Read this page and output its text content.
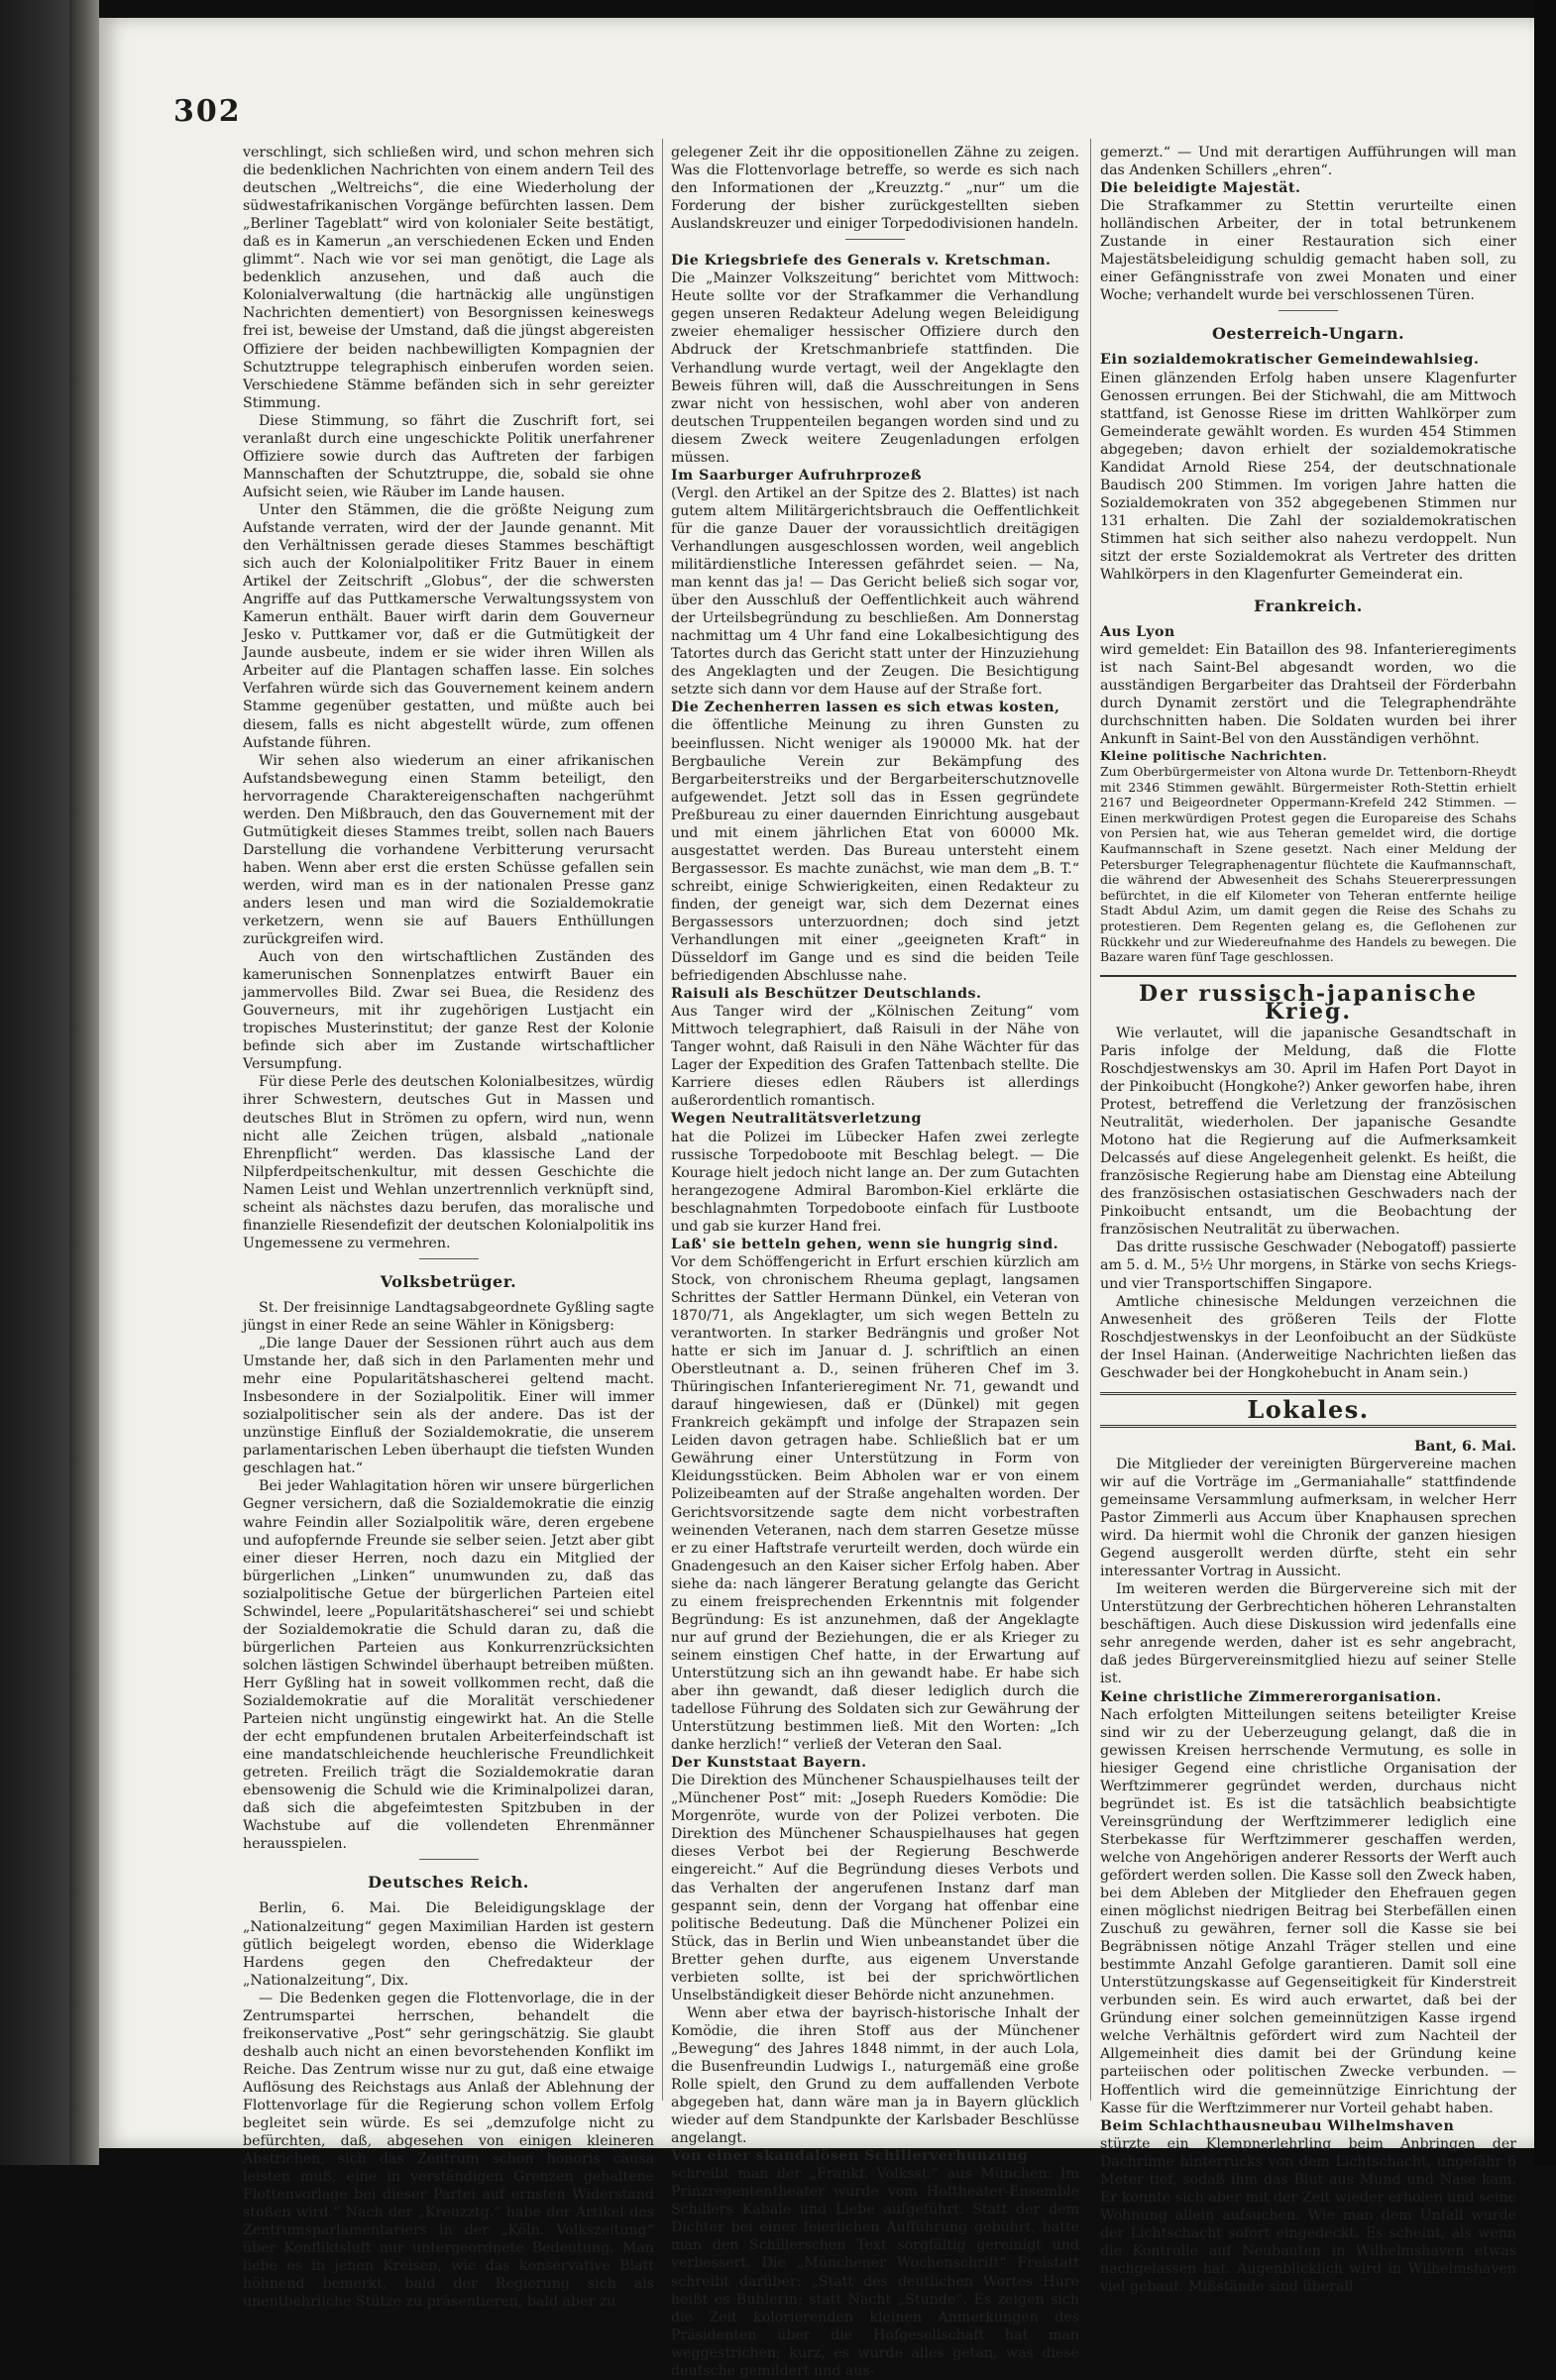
302

verschlingt, sich schließen wird, und schon mehren sich die bedenklichen Nachrichten von einem andern Teil des deutschen „Weltreichs“, die eine Wiederholung der südwestafrikanischen Vorgänge befürchten lassen. Dem „Berliner Tageblatt“ wird von kolonialer Seite bestätigt, daß es in Kamerun „an verschiedenen Ecken und Enden glimmt“. Nach wie vor sei man genötigt, die Lage als bedenklich anzusehen, und daß auch die Kolonialverwaltung (die hartnäckig alle ungünstigen Nachrichten dementiert) von Besorgnissen keineswegs frei ist, beweise der Umstand, daß die jüngst abgereisten Offiziere der beiden nachbewilligten Kompagnien der Schutztruppe telegraphisch einberufen worden seien. Verschiedene Stämme befänden sich in sehr gereizter Stimmung.

Diese Stimmung, so fährt die Zuschrift fort, sei veranlaßt durch eine ungeschickte Politik unerfahrener Offiziere sowie durch das Auftreten der farbigen Mannschaften der Schutztruppe, die, sobald sie ohne Aufsicht seien, wie Räuber im Lande hausen.

Unter den Stämmen, die die größte Neigung zum Aufstande verraten, wird der der Jaunde genannt. Mit den Verhältnissen gerade dieses Stammes beschäftigt sich auch der Kolonialpolitiker Fritz Bauer in einem Artikel der Zeitschrift „Globus“, der die schwersten Angriffe auf das Puttkamersche Verwaltungssystem von Kamerun enthält. Bauer wirft darin dem Gouverneur Jesko v. Puttkamer vor, daß er die Gutmütigkeit der Jaunde ausbeute, indem er sie wider ihren Willen als Arbeiter auf die Plantagen schaffen lasse. Ein solches Verfahren würde sich das Gouvernement keinem andern Stamme gegenüber gestatten, und müßte auch bei diesem, falls es nicht abgestellt würde, zum offenen Aufstande führen.

Wir sehen also wiederum an einer afrikanischen Aufstandsbewegung einen Stamm beteiligt, den hervorragende Charaktereigenschaften nachgerühmt werden. Den Mißbrauch, den das Gouvernement mit der Gutmütigkeit dieses Stammes treibt, sollen nach Bauers Darstellung die vorhandene Verbitterung verursacht haben. Wenn aber erst die ersten Schüsse gefallen sein werden, wird man es in der nationalen Presse ganz anders lesen und man wird die Sozialdemokratie verketzern, wenn sie auf Bauers Enthüllungen zurückgreifen wird.

Auch von den wirtschaftlichen Zuständen des kamerunischen Sonnenplatzes entwirft Bauer ein jammervolles Bild. Zwar sei Buea, die Residenz des Gouverneurs, mit ihr zugehörigen Lustjacht ein tropisches Musterinstitut; der ganze Rest der Kolonie befinde sich aber im Zustande wirtschaftlicher Versumpfung.

Für diese Perle des deutschen Kolonialbesitzes, würdig ihrer Schwestern, deutsches Gut in Massen und deutsches Blut in Strömen zu opfern, wird nun, wenn nicht alle Zeichen trügen, alsbald „nationale Ehrenpflicht“ werden. Das klassische Land der Nilpferdpeitschenkultur, mit dessen Geschichte die Namen Leist und Wehlan unzertrennlich verknüpft sind, scheint als nächstes dazu berufen, das moralische und finanzielle Riesendefizit der deutschen Kolonialpolitik ins Ungemessene zu vermehren.

Volksbetrüger.

St. Der freisinnige Landtagsabgeordnete Gyßling sagte jüngst in einer Rede an seine Wähler in Königsberg:

„Die lange Dauer der Sessionen rührt auch aus dem Umstande her, daß sich in den Parlamenten mehr und mehr eine Popularitätshascherei geltend macht. Insbesondere in der Sozialpolitik. Einer will immer sozialpolitischer sein als der andere. Das ist der unzünstige Einfluß der Sozialdemokratie, die unserem parlamentarischen Leben überhaupt die tiefsten Wunden geschlagen hat.“

Bei jeder Wahlagitation hören wir unsere bürgerlichen Gegner versichern, daß die Sozialdemokratie die einzig wahre Feindin aller Sozialpolitik wäre, deren ergebene und aufopfernde Freunde sie selber seien. Jetzt aber gibt einer dieser Herren, noch dazu ein Mitglied der bürgerlichen „Linken“ unumwunden zu, daß das sozialpolitische Getue der bürgerlichen Parteien eitel Schwindel, leere „Popularitätshascherei“ sei und schiebt der Sozialdemokratie die Schuld daran zu, daß die bürgerlichen Parteien aus Konkurrenzrücksichten solchen lästigen Schwindel überhaupt betreiben müßten. Herr Gyßling hat in soweit vollkommen recht, daß die Sozialdemokratie auf die Moralität verschiedener Parteien nicht ungünstig eingewirkt hat. An die Stelle der echt empfundenen brutalen Arbeiterfeindschaft ist eine mandatschleichende heuchlerische Freundlichkeit getreten. Freilich trägt die Sozialdemokratie daran ebensowenig die Schuld wie die Kriminalpolizei daran, daß sich die abgefeimtesten Spitzbuben in der Wachstube auf die vollendeten Ehrenmänner herausspielen.

Deutsches Reich.

Berlin, 6. Mai. Die Beleidigungsklage der „Nationalzeitung“ gegen Maximilian Harden ist gestern gütlich beigelegt worden, ebenso die Widerklage Hardens gegen den Chefredakteur der „Nationalzeitung“, Dix.

— Die Bedenken gegen die Flottenvorlage, die in der Zentrumspartei herrschen, behandelt die freikonservative „Post“ sehr geringschätzig. Sie glaubt deshalb auch nicht an einen bevorstehenden Konflikt im Reiche. Das Zentrum wisse nur zu gut, daß eine etwaige Auflösung des Reichstags aus Anlaß der Ablehnung der Flottenvorlage für die Regierung schon vollem Erfolg begleitet sein würde. Es sei „demzufolge nicht zu befürchten, daß, abgesehen von einigen kleineren Abstrichen, sich das Zentrum schon honoris causa leisten muß, eine in verständigen Grenzen gehaltene Flottenvorlage bei dieser Partei auf ernsten Widerstand stoßen wird.“ Nach der „Kreuzztg.“ habe der Artikel des Zentrumsparlamentariers in der „Köln. Volkszeitung“ über Konfliktsluft nur untergeordnete Bedeutung. Man liebe es in jenen Kreisen, wie das konservative Blatt höhnend bemerkt, bald der Regierung sich als unentbehrliche Stütze zu präsentieren, bald aber zu

gelegener Zeit ihr die oppositionellen Zähne zu zeigen. Was die Flottenvorlage betreffe, so werde es sich nach den Informationen der „Kreuzztg.“ „nur“ um die Forderung der bisher zurückgestellten sieben Auslandskreuzer und einiger Torpedodivisionen handeln.

Die Kriegsbriefe des Generals v. Kretschman.

Die „Mainzer Volkszeitung“ berichtet vom Mittwoch: Heute sollte vor der Strafkammer die Verhandlung gegen unseren Redakteur Adelung wegen Beleidigung zweier ehemaliger hessischer Offiziere durch den Abdruck der Kretschmanbriefe stattfinden. Die Verhandlung wurde vertagt, weil der Angeklagte den Beweis führen will, daß die Ausschreitungen in Sens zwar nicht von hessischen, wohl aber von anderen deutschen Truppenteilen begangen worden sind und zu diesem Zweck weitere Zeugenladungen erfolgen müssen.

Im Saarburger Aufruhrprozeß

(Vergl. den Artikel an der Spitze des 2. Blattes) ist nach gutem altem Militärgerichtsbrauch die Oeffentlichkeit für die ganze Dauer der voraussichtlich dreitägigen Verhandlungen ausgeschlossen worden, weil angeblich militärdienstliche Interessen gefährdet seien. — Na, man kennt das ja! — Das Gericht beließ sich sogar vor, über den Ausschluß der Oeffentlichkeit auch während der Urteilsbegründung zu beschließen. Am Donnerstag nachmittag um 4 Uhr fand eine Lokalbesichtigung des Tatortes durch das Gericht statt unter der Hinzuziehung des Angeklagten und der Zeugen. Die Besichtigung setzte sich dann vor dem Hause auf der Straße fort.

Die Zechenherren lassen es sich etwas kosten,

die öffentliche Meinung zu ihren Gunsten zu beeinflussen. Nicht weniger als 190000 Mk. hat der Bergbauliche Verein zur Bekämpfung des Bergarbeiterstreiks und der Bergarbeiterschutznovelle aufgewendet. Jetzt soll das in Essen gegründete Preßbureau zu einer dauernden Einrichtung ausgebaut und mit einem jährlichen Etat von 60000 Mk. ausgestattet werden. Das Bureau untersteht einem Bergassessor. Es machte zunächst, wie man dem „B. T.“ schreibt, einige Schwierigkeiten, einen Redakteur zu finden, der geneigt war, sich dem Dezernat eines Bergassessors unterzuordnen; doch sind jetzt Verhandlungen mit einer „geeigneten Kraft“ in Düsseldorf im Gange und es sind die beiden Teile befriedigenden Abschlusse nahe.

Raisuli als Beschützer Deutschlands.

Aus Tanger wird der „Kölnischen Zeitung“ vom Mittwoch telegraphiert, daß Raisuli in der Nähe von Tanger wohnt, daß Raisuli in den Nähe Wächter für das Lager der Expedition des Grafen Tattenbach stellte. Die Karriere dieses edlen Räubers ist allerdings außerordentlich romantisch.

Wegen Neutralitätsverletzung

hat die Polizei im Lübecker Hafen zwei zerlegte russische Torpedoboote mit Beschlag belegt. — Die Kourage hielt jedoch nicht lange an. Der zum Gutachten herangezogene Admiral Barombon-Kiel erklärte die beschlagnahmten Torpedoboote einfach für Lustboote und gab sie kurzer Hand frei.

Laß' sie betteln gehen, wenn sie hungrig sind.

Vor dem Schöffengericht in Erfurt erschien kürzlich am Stock, von chronischem Rheuma geplagt, langsamen Schrittes der Sattler Hermann Dünkel, ein Veteran von 1870/71, als Angeklagter, um sich wegen Betteln zu verantworten. In starker Bedrängnis und großer Not hatte er sich im Januar d. J. schriftlich an einen Oberstleutnant a. D., seinen früheren Chef im 3. Thüringischen Infanterieregiment Nr. 71, gewandt und darauf hingewiesen, daß er (Dünkel) mit gegen Frankreich gekämpft und infolge der Strapazen sein Leiden davon getragen habe. Schließlich bat er um Gewährung einer Unterstützung in Form von Kleidungsstücken. Beim Abholen war er von einem Polizeibeamten auf der Straße angehalten worden. Der Gerichtsvorsitzende sagte dem nicht vorbestraften weinenden Veteranen, nach dem starren Gesetze müsse er zu einer Haftstrafe verurteilt werden, doch würde ein Gnadengesuch an den Kaiser sicher Erfolg haben. Aber siehe da: nach längerer Beratung gelangte das Gericht zu einem freisprechenden Erkenntnis mit folgender Begründung: Es ist anzunehmen, daß der Angeklagte nur auf grund der Beziehungen, die er als Krieger zu seinem einstigen Chef hatte, in der Erwartung auf Unterstützung sich an ihn gewandt habe. Er habe sich aber ihn gewandt, daß dieser lediglich durch die tadellose Führung des Soldaten sich zur Gewährung der Unterstützung bestimmen ließ. Mit den Worten: „Ich danke herzlich!“ verließ der Veteran den Saal.

Der Kunststaat Bayern.

Die Direktion des Münchener Schauspielhauses teilt der „Münchener Post“ mit: „Joseph Rueders Komödie: Die Morgenröte, wurde von der Polizei verboten. Die Direktion des Münchener Schauspielhauses hat gegen dieses Verbot bei der Regierung Beschwerde eingereicht.“ Auf die Begründung dieses Verbots und das Verhalten der angerufenen Instanz darf man gespannt sein, denn der Vorgang hat offenbar eine politische Bedeutung. Daß die Münchener Polizei ein Stück, das in Berlin und Wien unbeanstandet über die Bretter gehen durfte, aus eigenem Unverstande verbieten sollte, ist bei der sprichwörtlichen Unselbständigkeit dieser Behörde nicht anzunehmen.

Wenn aber etwa der bayrisch-historische Inhalt der Komödie, die ihren Stoff aus der Münchener „Bewegung“ des Jahres 1848 nimmt, in der auch Lola, die Busenfreundin Ludwigs I., naturgemäß eine große Rolle spielt, den Grund zu dem auffallenden Verbote abgegeben hat, dann wäre man ja in Bayern glücklich wieder auf dem Standpunkte der Karlsbader Beschlüsse angelangt.

Von einer skandalösen Schillerverhunzung

schreibt man der „Frankf. Volksst.“ aus München: Im Prinzregententheater wurde vom Hoftheater-Ensemble Schillers Kabale und Liebe aufgeführt. Statt der dem Dichter bei einer feierlichen Aufführung gebührt, hatte man den Schillerschen Text sorgfältig gereinigt und verbessert. Die „Münchener Wochenschrift“ Freistatt schreibt darüber: „Statt des deutlichen Wortes Hure heißt es Buhlerin; statt Nacht „Stunde“. Es zeigen sich die Zeit kolorierenden kleinen Anmerkungen des Präsidenten über die Hofgesellschaft hat man weggestrichen; kurz, es wurde alles getan, was diese deutsche gemildert und aus-

gemerzt.“ — Und mit derartigen Aufführungen will man das Andenken Schillers „ehren“.

Die beleidigte Majestät.

Die Strafkammer zu Stettin verurteilte einen holländischen Arbeiter, der in total betrunkenem Zustande in einer Restauration sich einer Majestätsbeleidigung schuldig gemacht haben soll, zu einer Gefängnisstrafe von zwei Monaten und einer Woche; verhandelt wurde bei verschlossenen Türen.

Oesterreich-Ungarn.

Ein sozialdemokratischer Gemeindewahlsieg.

Einen glänzenden Erfolg haben unsere Klagenfurter Genossen errungen. Bei der Stichwahl, die am Mittwoch stattfand, ist Genosse Riese im dritten Wahlkörper zum Gemeinderate gewählt worden. Es wurden 454 Stimmen abgegeben; davon erhielt der sozialdemokratische Kandidat Arnold Riese 254, der deutschnationale Baudisch 200 Stimmen. Im vorigen Jahre hatten die Sozialdemokraten von 352 abgegebenen Stimmen nur 131 erhalten. Die Zahl der sozialdemokratischen Stimmen hat sich seither also nahezu verdoppelt. Nun sitzt der erste Sozialdemokrat als Vertreter des dritten Wahlkörpers in den Klagenfurter Gemeinderat ein.

Frankreich.

Aus Lyon

wird gemeldet: Ein Bataillon des 98. Infanterieregiments ist nach Saint-Bel abgesandt worden, wo die ausständigen Bergarbeiter das Drahtseil der Förderbahn durch Dynamit zerstört und die Telegraphendrähte durchschnitten haben. Die Soldaten wurden bei ihrer Ankunft in Saint-Bel von den Ausständigen verhöhnt.

Kleine politische Nachrichten.

Zum Oberbürgermeister von Altona wurde Dr. Tettenborn-Rheydt mit 2346 Stimmen gewählt. Bürgermeister Roth-Stettin erhielt 2167 und Beigeordneter Oppermann-Krefeld 242 Stimmen. — Einen merkwürdigen Protest gegen die Europareise des Schahs von Persien hat, wie aus Teheran gemeldet wird, die dortige Kaufmannschaft in Szene gesetzt. Nach einer Meldung der Petersburger Telegraphenagentur flüchtete die Kaufmannschaft, die während der Abwesenheit des Schahs Steuererpressungen befürchtet, in die elf Kilometer von Teheran entfernte heilige Stadt Abdul Azim, um damit gegen die Reise des Schahs zu protestieren. Dem Regenten gelang es, die Geflohenen zur Rückkehr und zur Wiedereufnahme des Handels zu bewegen. Die Bazare waren fünf Tage geschlossen.

Der russisch-japanische Krieg.

Wie verlautet, will die japanische Gesandtschaft in Paris infolge der Meldung, daß die Flotte Roschdjestwenskys am 30. April im Hafen Port Dayot in der Pinkoibucht (Hongkohe?) Anker geworfen habe, ihren Protest, betreffend die Verletzung der französischen Neutralität, wiederholen. Der japanische Gesandte Motono hat die Regierung auf die Aufmerksamkeit Delcassés auf diese Angelegenheit gelenkt. Es heißt, die französische Regierung habe am Dienstag eine Abteilung des französischen ostasiatischen Geschwaders nach der Pinkoibucht entsandt, um die Beobachtung der französischen Neutralität zu überwachen.

Das dritte russische Geschwader (Nebogatoff) passierte am 5. d. M., 5½ Uhr morgens, in Stärke von sechs Kriegs- und vier Transportschiffen Singapore.

Amtliche chinesische Meldungen verzeichnen die Anwesenheit des größeren Teils der Flotte Roschdjestwenskys in der Leonfoibucht an der Südküste der Insel Hainan. (Anderweitige Nachrichten ließen das Geschwader bei der Hongkohebucht in Anam sein.)

Lokales.

Bant, 6. Mai.

Die Mitglieder der vereinigten Bürgervereine machen wir auf die Vorträge im „Germaniahalle“ stattfindende gemeinsame Versammlung aufmerksam, in welcher Herr Pastor Zimmerli aus Accum über Knaphausen sprechen wird. Da hiermit wohl die Chronik der ganzen hiesigen Gegend ausgerollt werden dürfte, steht ein sehr interessanter Vortrag in Aussicht.

Im weiteren werden die Bürgervereine sich mit der Unterstützung der Gerbrechtichen höheren Lehranstalten beschäftigen. Auch diese Diskussion wird jedenfalls eine sehr anregende werden, daher ist es sehr angebracht, daß jedes Bürgervereinsmitglied hiezu auf seiner Stelle ist.

Keine christliche Zimmererorganisation.

Nach erfolgten Mitteilungen seitens beteiligter Kreise sind wir zu der Ueberzeugung gelangt, daß die in gewissen Kreisen herrschende Vermutung, es solle in hiesiger Gegend eine christliche Organisation der Werftzimmerer gegründet werden, durchaus nicht begründet ist. Es ist die tatsächlich beabsichtigte Vereinsgründung der Werftzimmerer lediglich eine Sterbekasse für Werftzimmerer geschaffen werden, welche von Angehörigen anderer Ressorts der Werft auch gefördert werden sollen. Die Kasse soll den Zweck haben, bei dem Ableben der Mitglieder den Ehefrauen gegen einen möglichst niedrigen Beitrag bei Sterbefällen einen Zuschuß zu gewähren, ferner soll die Kasse sie bei Begräbnissen nötige Anzahl Träger stellen und eine bestimmte Anzahl Gefolge garantieren. Damit soll eine Unterstützungskasse auf Gegenseitigkeit für Kinderstreit verbunden sein. Es wird auch erwartet, daß bei der Gründung einer solchen gemeinnützigen Kasse irgend welche Verhältnis gefördert wird zum Nachteil der Allgemeinheit dies damit bei der Gründung keine parteiischen oder politischen Zwecke verbunden. — Hoffentlich wird die gemeinnützige Einrichtung der Kasse für die Werftzimmerer nur Vorteil gehabt haben.

Beim Schlachthausneubau Wilhelmshaven

stürzte ein Klempnerlehrling beim Anbringen der Dachrinne hinterrücks von dem Lichtschacht, ungefähr 6 Meter tief, sodaß ihm das Blut aus Mund und Nase kam. Er konnte sich aber mit der Zeit wieder erholen und seine Wohnung allein aufsuchen. Wie man dem Unfall wurde der Lichtschacht sofort eingedeckt. Es scheint, als wenn die Kontrolle auf Neubauten in Wilhelmshaven etwas nachgelassen hat. Augenblicklich wird in Wilhelmshaven viel gebaut. Mißstände sind überall
